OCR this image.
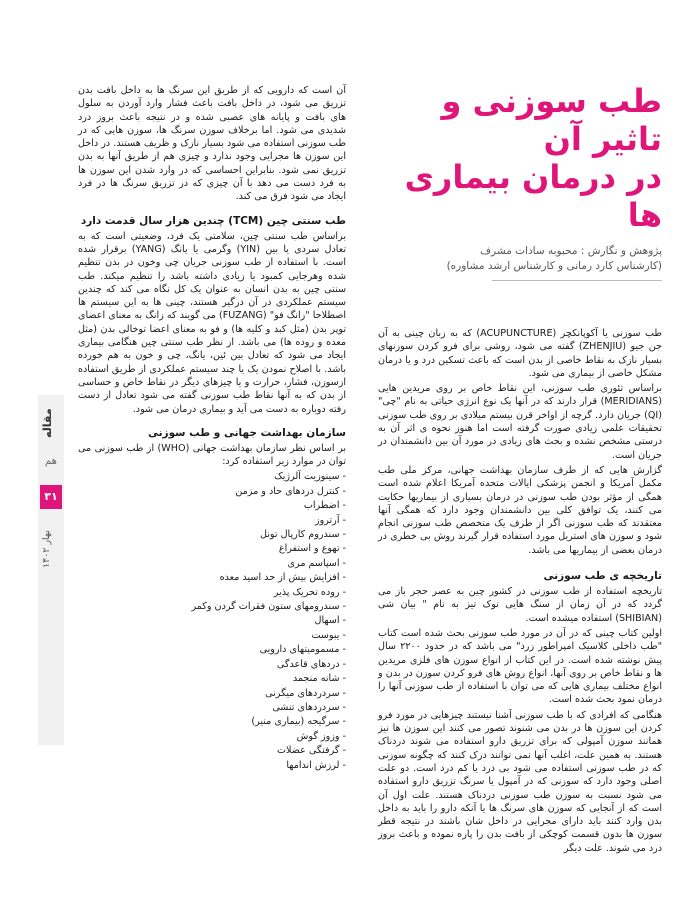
طب سوزنی و تاثیر آن
در درمان بیماری ها
پژوهش و نگارش : محبوبه سادات مشرف
(کارشناس کارد رمانی و کارشناس ارشد مشاوره)

طب سوزنی یا آکوپانکچر (ACUPUNCTURE) که به زبان چینی به آن جن جیو (ZHENJIU) گفته می شود، روشی برای فرو کردن سوزنهای بسیار نازک به نقاط خاصی از بدن است که باعث تسکین درد و یا درمان مشکل خاصی از بیماری می شود.

براساس تئوری طب سوزنی، این نقاط خاص بر روی مریدین هایی (MERIDIANS) قرار دارند که در آنها یک نوع انرژی حیاتی به نام "چی" (QI) جریان دارد. گرچه از اواخر قرن بیستم میلادی بر روی طب سوزنی تحقیقات علمی زیادی صورت گرفته است اما هنوز نحوه ی اثر آن به درستی مشخص نشده و بحث های زیادی در مورد آن بین دانشمندان در جریان است.

گزارش هایی که از طرف سازمان بهداشت جهانی، مرکز ملی طب مکمل آمریکا و انجمن پزشکی ایالات متحده آمریکا اعلام شده است همگی از مؤثر بودن طب سوزنی در درمان بسیاری از بیماریها حکایت می کنند، یک توافق کلی بین دانشمندان وجود دارد که همگی آنها معتقدند که طب سوزنی اگر از طرف یک متخصص طب سوزنی انجام شود و سوزن های استریل مورد استفاده قرار گیرند روش بی خطری در درمان بعضی از بیماریها می باشد.

تاریخچه ی طب سوزنی

تاریخچه استفاده از طب سوزنی در کشور چین به عصر حجر باز می گردد که در آن زمان از سنگ هایی نوک تیز به نام " بیان شی (SHIBIAN) استفاده میشده است.

اولین کتاب چینی که در آن در مورد طب سوزنی بحث شده است کتاب "طب داخلی کلاسیک امپراطور زرد" می باشد که در حدود ۲۲۰۰ سال پیش نوشته شده است. در این کتاب از انواع سوزن های فلزی مریدین ها و نقاط خاص بر روی آنها، انواع روش های فرو کردن سوزن در بدن و انواع مختلف بیماری هایی که می توان با استفاده از طب سوزنی آنها را درمان نمود بحث شده است.

هنگامی که افرادی که با طب سوزنی آشنا نیستند چیزهایی در مورد فرو کردن این سوزن ها در بدن می شنوند تصور می کنند این سوزن ها نیز همانند سوزن آمپولی که برای تزریق دارو استفاده می شوند دردناک هستند. به همین علت، اغلب آنها نمی توانند درک کنند که چگونه سوزنی که در طب سوزنی استفاده می شود بی درد یا کم درد است. دو علت اصلی وجود دارد که سوزنی که در آمپول یا سرنگ تزریق دارو استفاده می شود نسبت به سوزن طب سوزنی دردناک هستند. علت اول آن است که از آنجایی که سوزن های سرنگ ها یا آنکه دارو را باید به داخل بدن وارد کنند باید دارای مجرایی در داخل شان باشند در نتیجه قطر سوزن ها بدون قسمت کوچکی از بافت بدن را پاره نموده و باعث بروز درد می شوند. علت دیگر

آن است که دارویی که از طریق این سرنگ ها به داخل بافت بدن تزریق می شود، در داخل بافت باعث فشار وارد آوردن به سلول های بافت و پایانه های عصبی شده و در نتیجه باعث بروز درد شدیدی می شود. اما برخلاف سوزن سرنگ ها، سوزن هایی که در طب سوزنی استفاده می شود بسیار نازک و ظریف هستند. در داخل این سوزن ها مجرایی وجود ندارد و چیزی هم از طریق آنها به بدن تزریق نمی شود. بنابراین احساسی که در وارد شدن این سوزن ها به فرد دست می دهد با آن چیزی که در تزریق سرنگ ها در فرد ایجاد می شود فرق می کند.

طب سنتی چین (TCM) چندین هزار سال قدمت دارد

براساس طب سنتی چین، سلامتی یک فرد، وضعیتی است که به تعادل سردی یا بین (YIN) وگرمی یا یانگ (YANG) برقرار شده است. با استفاده از طب سوزنی جریان چی وخون در بدن تنظیم شده وهرجایی کمبود یا زیادی داشته باشد را تنظیم میکند. طب سنتی چین به بدن انسان به عنوان یک کل نگاه می کند که چندین سیستم عملکردی در آن درگیر هستند، چینی ها به این سیستم ها اصطلاحا "زانگ فو" (FUZANG) می گویند که زانگ به معنای اعضای توپر بدن (مثل کبد و کلیه ها) و فو به معنای اعضا توخالی بدن (مثل معده و روده ها) می باشد. از نظر طب سنتی چین هنگامی بیماری ایجاد می شود که تعادل بین ئین، یانگ، چی و خون به هم خورده باشد. با اصلاح نمودن یک یا چند سیستم عملکردی از طریق استفاده ازسوزن، فشار، حرارت و یا چیزهای دیگر در نقاط خاص و حساسی از بدن که به آنها نقاط طب سوزنی گفته می شود تعادل از دست رفته دوباره به دست می آید و بیماری درمان می شود.

سازمان بهداشت جهانی و طب سوزنی

بر اساس نظر سازمان بهداشت جهانی (WHO) از طب سوزنی می توان در موارد زیر استفاده کرد:

- سینوزیت آلرژیک
- کنترل دردهای حاد و مزمن
- اضطراب
- آرتروز
- سندروم کارپال تونل
- تهوع و استفراغ
- اسپاسم مری
- افزایش بیش از حد اسید معده
- روده تحریک پذیر
- سندرومهای ستون فقرات گردن وکمر
- اسهال
- یبوست
- مسمومیتهای دارویی
- دردهای قاعدگی
- شانه منجمد
- سردردهای میگرنی
- سردردهای تنشی
- سرگیجه (بیماری منیر)
- وزوز گوش
- گرفتگی عضلات
- لرزش اندامها
مقاله
هم
۳۱
بهار ۱۴۰۲
